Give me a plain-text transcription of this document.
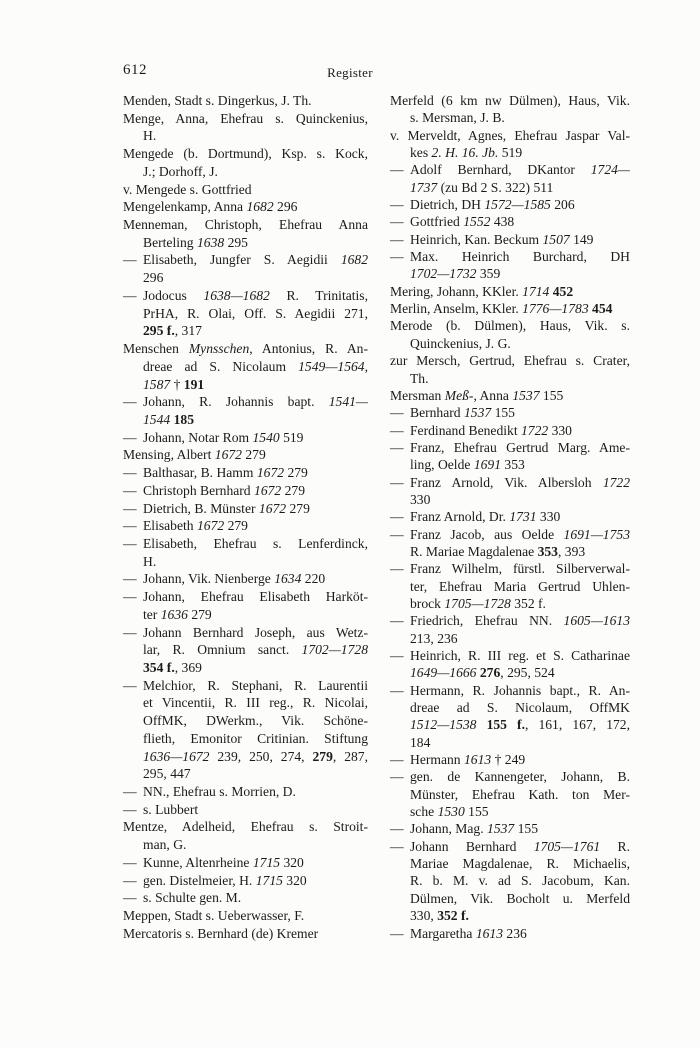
612	Register
Menden, Stadt s. Dingerkus, J. Th.
Menge, Anna, Ehefrau s. Quinckenius,
H.
Mengede (b. Dortmund), Ksp. s. Kock,
J.; Dorhoff, J.
v. Mengede s. Gottfried
Mengelenkamp, Anna 1682 296
Menneman, Christoph, Ehefrau Anna
Berteling 1638 295
— Elisabeth, Jungfer S. Aegidii 1682
296
— Jodocus 1638—1682 R. Trinitatis,
PrHA, R. Olai, Off. S. Aegidii 271,
295 f., 317
Menschen Mynsschen, Antonius, R. An-
dreae ad S. Nicolaum 1549—1564,
1587 † 191
— Johann, R. Johannis bapt. 1541—
1544 185
— Johann, Notar Rom 1540 519
Mensing, Albert 1672 279
— Balthasar, B. Hamm 1672 279
— Christoph Bernhard 1672 279
— Dietrich, B. Münster 1672 279
— Elisabeth 1672 279
— Elisabeth, Ehefrau s. Lenferdinck,
H.
— Johann, Vik. Nienberge 1634 220
— Johann, Ehefrau Elisabeth Harköt-
ter 1636 279
— Johann Bernhard Joseph, aus Wetz-
lar, R. Omnium sanct. 1702—1728
354 f., 369
— Melchior, R. Stephani, R. Laurentii
et Vincentii, R. III reg., R. Nicolai,
OffMK, DWerkm., Vik. Schöne-
flieth, Emonitor Critinian. Stiftung
1636—1672 239, 250, 274, 279, 287,
295, 447
— NN., Ehefrau s. Morrien, D.
— s. Lubbert
Mentze, Adelheid, Ehefrau s. Stroit-
man, G.
— Kunne, Altenrheine 1715 320
— gen. Distelmeier, H. 1715 320
— s. Schulte gen. M.
Meppen, Stadt s. Ueberwasser, F.
Mercatoris s. Bernhard (de) Kremer
Merfeld (6 km nw Dülmen), Haus, Vik.
s. Mersman, J. B.
v. Merveldt, Agnes, Ehefrau Jaspar Val-
kes 2. H. 16. Jb. 519
— Adolf Bernhard, DKantor 1724—
1737 (zu Bd 2 S. 322) 511
— Dietrich, DH 1572—1585 206
— Gottfried 1552 438
— Heinrich, Kan. Beckum 1507 149
— Max. Heinrich Burchard, DH
1702—1732 359
Mering, Johann, KKler. 1714 452
Merlin, Anselm, KKler. 1776—1783 454
Merode (b. Dülmen), Haus, Vik. s.
Quinckenius, J. G.
zur Mersch, Gertrud, Ehefrau s. Crater,
Th.
Mersman Meß-, Anna 1537 155
— Bernhard 1537 155
— Ferdinand Benedikt 1722 330
— Franz, Ehefrau Gertrud Marg. Ame-
ling, Oelde 1691 353
— Franz Arnold, Vik. Albersloh 1722
330
— Franz Arnold, Dr. 1731 330
— Franz Jacob, aus Oelde 1691—1753
R. Mariae Magdalenae 353, 393
— Franz Wilhelm, fürstl. Silberverwal-
ter, Ehefrau Maria Gertrud Uhlen-
brock 1705—1728 352 f.
— Friedrich, Ehefrau NN. 1605—1613
213, 236
— Heinrich, R. III reg. et S. Catharinae
1649—1666 276, 295, 524
— Hermann, R. Johannis bapt., R. An-
dreae ad S. Nicolaum, OffMK
1512—1538 155 f., 161, 167, 172,
184
— Hermann 1613 † 249
— gen. de Kannengeter, Johann, B.
Münster, Ehefrau Kath. ton Mer-
sche 1530 155
— Johann, Mag. 1537 155
— Johann Bernhard 1705—1761 R.
Mariae Magdalenae, R. Michaelis,
R. b. M. v. ad S. Jacobum, Kan.
Dülmen, Vik. Bocholt u. Merfeld
330, 352 f.
— Margaretha 1613 236
